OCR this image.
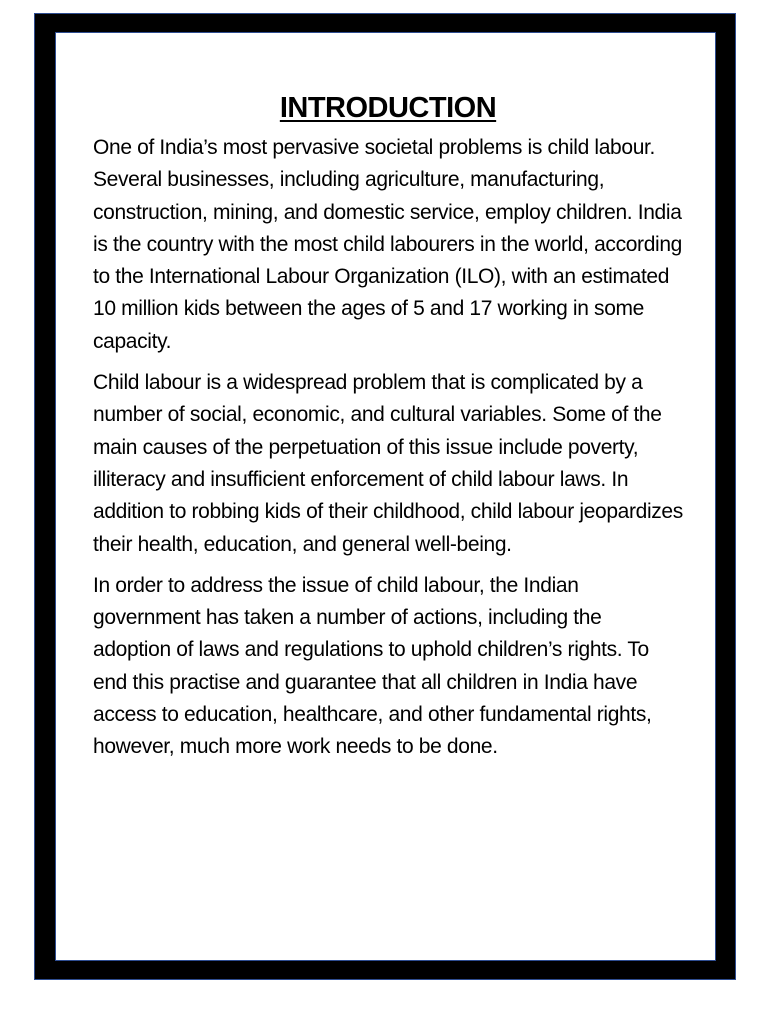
INTRODUCTION

One of India’s most pervasive societal problems is child labour. Several businesses, including agriculture, manufacturing, construction, mining, and domestic service, employ children. India is the country with the most child labourers in the world, according to the International Labour Organization (ILO), with an estimated 10 million kids between the ages of 5 and 17 working in some capacity.

Child labour is a widespread problem that is complicated by a number of social, economic, and cultural variables. Some of the main causes of the perpetuation of this issue include poverty, illiteracy and insufficient enforcement of child labour laws. In addition to robbing kids of their childhood, child labour jeopardizes their health, education, and general well-being.

In order to address the issue of child labour, the Indian government has taken a number of actions, including the adoption of laws and regulations to uphold children’s rights. To end this practise and guarantee that all children in India have access to education, healthcare, and other fundamental rights, however, much more work needs to be done.
